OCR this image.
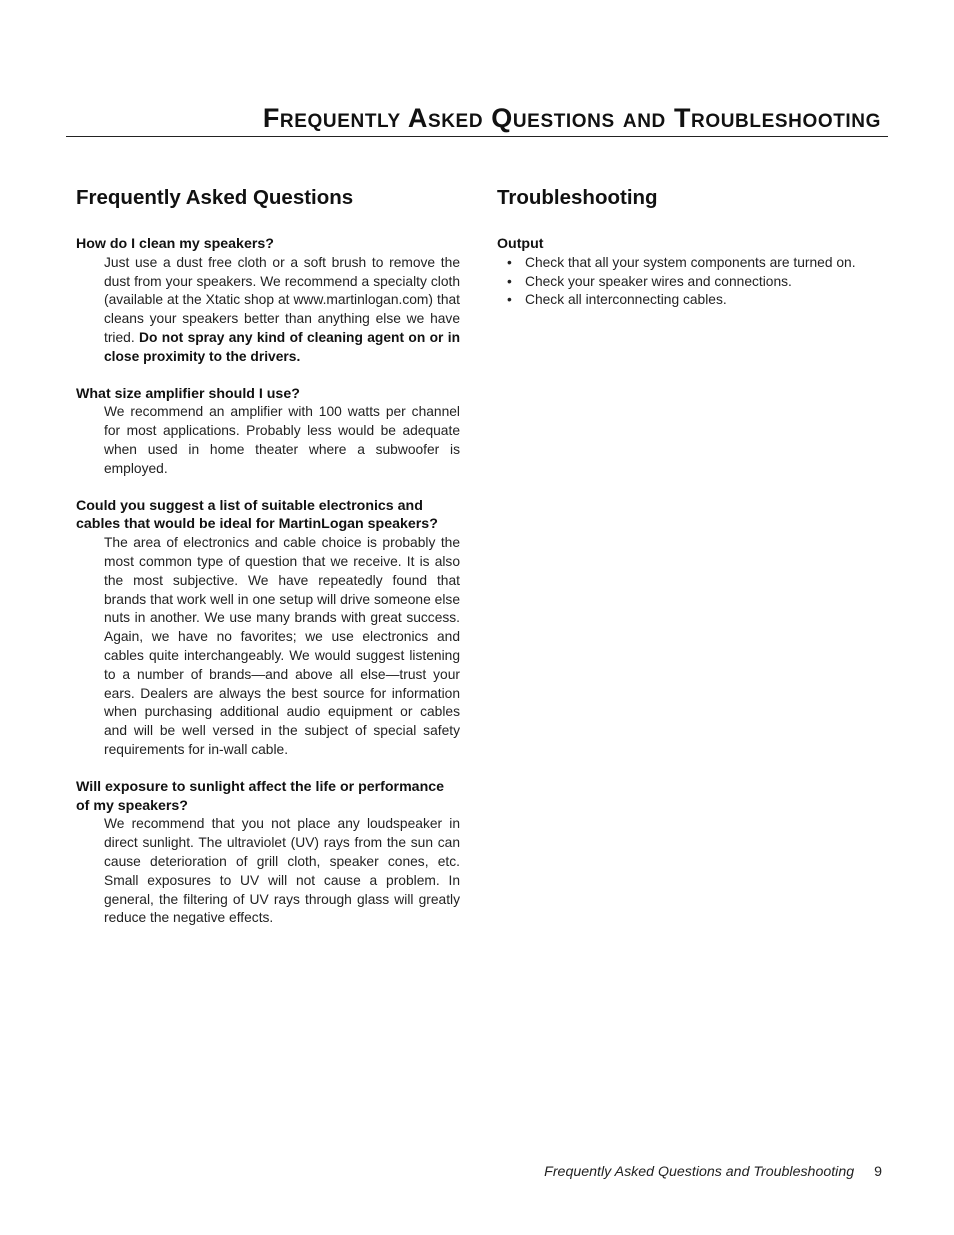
Frequently Asked Questions and Troubleshooting
Frequently Asked Questions

How do I clean my speakers?

Just use a dust free cloth or a soft brush to remove the dust from your speakers. We recommend a specialty cloth (available at the Xtatic shop at www.martinlogan.com) that cleans your speakers better than anything else we have tried. Do not spray any kind of cleaning agent on or in close proximity to the drivers.

What size amplifier should I use?

We recommend an amplifier with 100 watts per channel for most applications. Probably less would be adequate when used in home theater where a subwoofer is employed.

Could you suggest a list of suitable electronics and cables that would be ideal for MartinLogan speakers?

The area of electronics and cable choice is probably the most common type of question that we receive. It is also the most subjective. We have repeatedly found that brands that work well in one setup will drive someone else nuts in another. We use many brands with great success. Again, we have no favorites; we use electronics and cables quite interchangeably. We would suggest listening to a number of brands—and above all else—trust your ears. Dealers are always the best source for information when purchasing additional audio equipment or cables and will be well versed in the subject of special safety requirements for in-wall cable.

Will exposure to sunlight affect the life or performance of my speakers?

We recommend that you not place any loudspeaker in direct sunlight. The ultraviolet (UV) rays from the sun can cause deterioration of grill cloth, speaker cones, etc. Small exposures to UV will not cause a problem. In general, the filtering of UV rays through glass will greatly reduce the negative effects.

Troubleshooting

Output

• Check that all your system components are turned on.
• Check your speaker wires and connections.
• Check all interconnecting cables.
Frequently Asked Questions and Troubleshooting 9
